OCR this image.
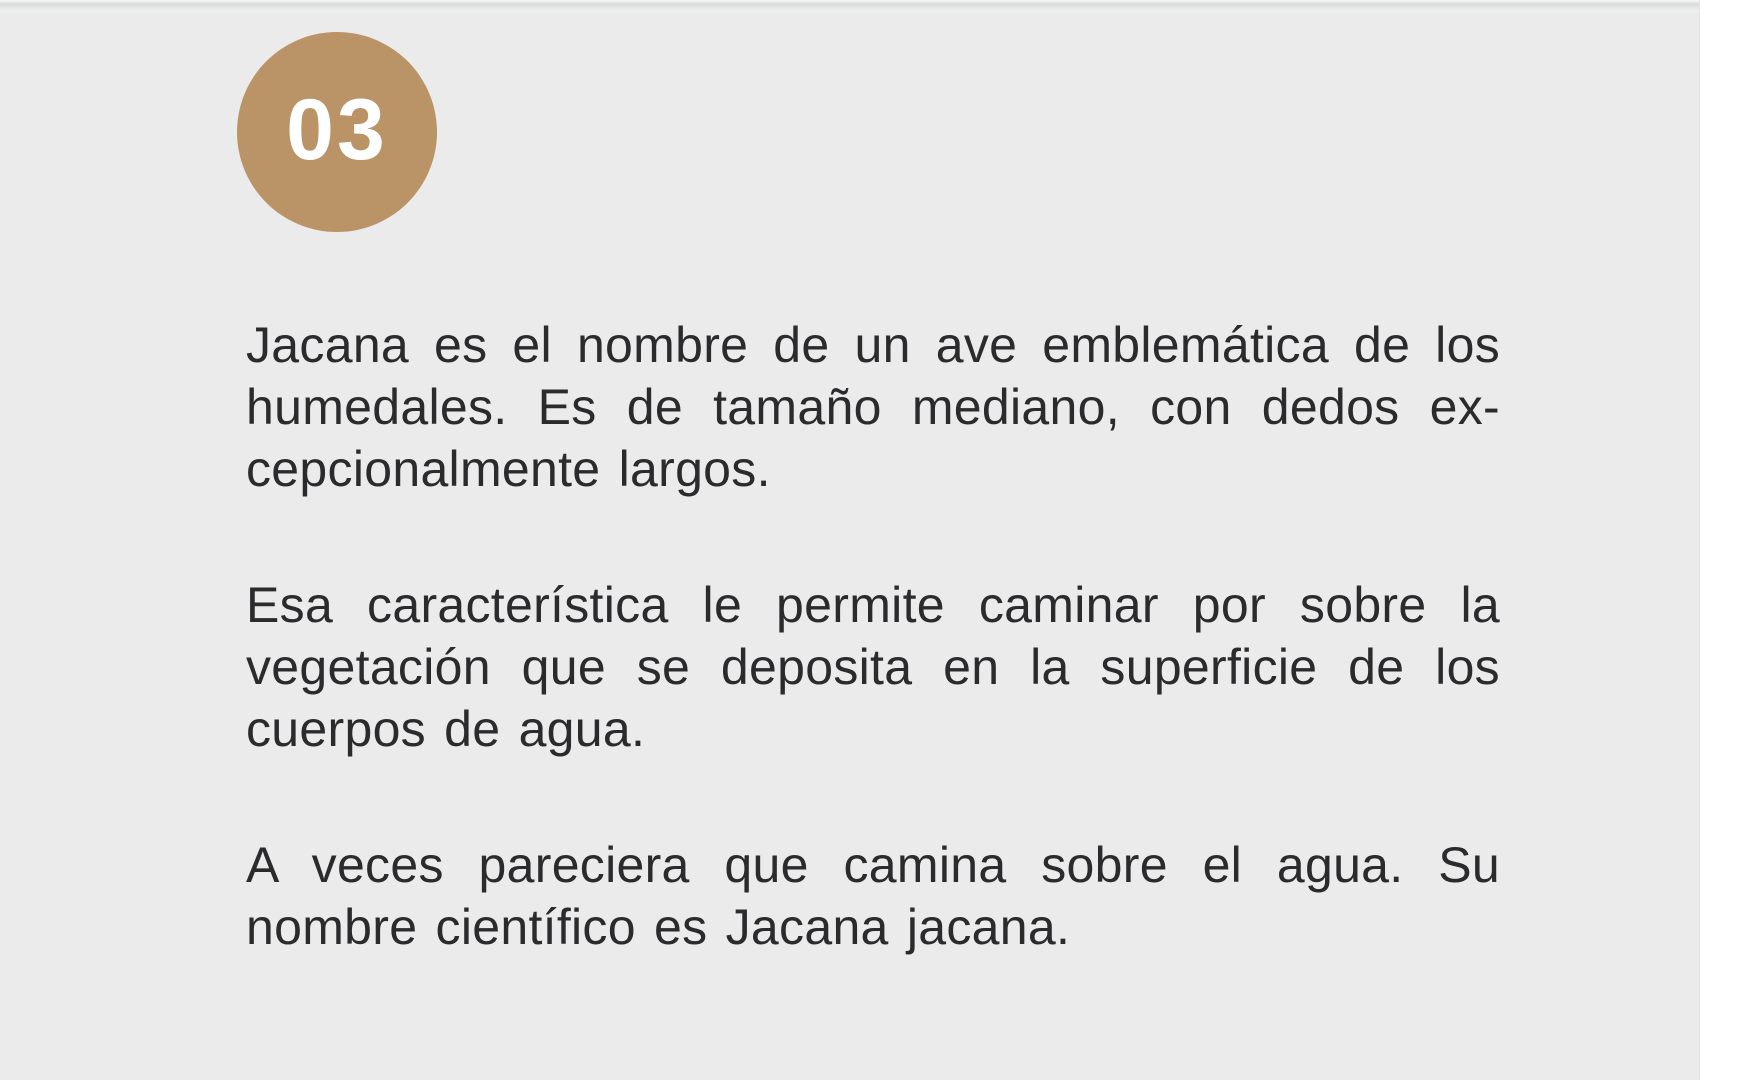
03
Jacana es el nombre de un ave emblemática de los
humedales. Es de tamaño mediano, con dedos ex-
cepcionalmente largos.
Esa característica le permite caminar por sobre la
vegetación que se deposita en la superficie de los
cuerpos de agua.
A veces pareciera que camina sobre el agua. Su
nombre científico es Jacana jacana.
